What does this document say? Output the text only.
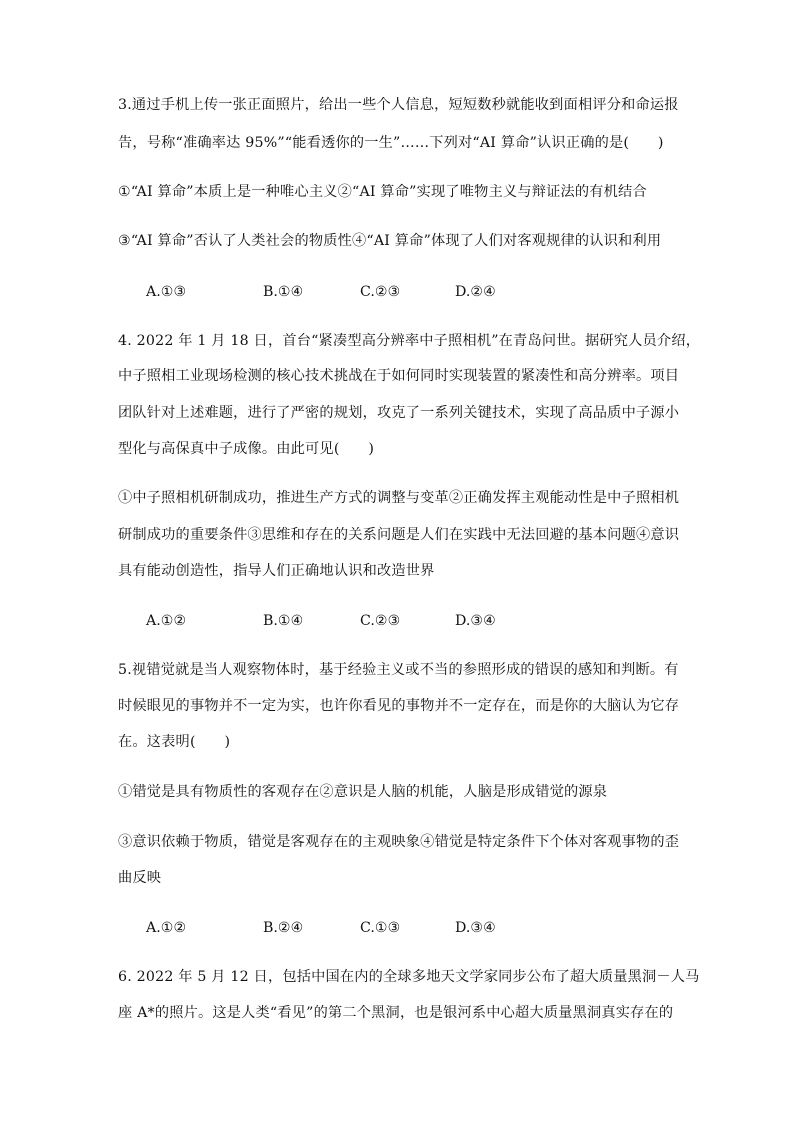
3.通过手机上传一张正面照片，给出一些个人信息，短短数秒就能收到面相评分和命运报
告，号称“准确率达 95%”“能看透你的一生”……下列对“AI 算命”认识正确的是(　　)
①“AI 算命”本质上是一种唯心主义②“AI 算命”实现了唯物主义与辩证法的有机结合
③“AI 算命”否认了人类社会的物质性④“AI 算命”体现了人们对客观规律的认识和利用
A.①③	B.①④	C.②③	D.②④
4. 2022 年 1 月 18 日，首台“紧凑型高分辨率中子照相机”在青岛问世。据研究人员介绍，
中子照相工业现场检测的核心技术挑战在于如何同时实现装置的紧凑性和高分辨率。项目
团队针对上述难题，进行了严密的规划，攻克了一系列关键技术，实现了高品质中子源小
型化与高保真中子成像。由此可见(　　)
①中子照相机研制成功，推进生产方式的调整与变革②正确发挥主观能动性是中子照相机
研制成功的重要条件③思维和存在的关系问题是人们在实践中无法回避的基本问题④意识
具有能动创造性，指导人们正确地认识和改造世界
A.①②	B.①④	C.②③	D.③④
5.视错觉就是当人观察物体时，基于经验主义或不当的参照形成的错误的感知和判断。有
时候眼见的事物并不一定为实，也许你看见的事物并不一定存在，而是你的大脑认为它存
在。这表明(　　)
①错觉是具有物质性的客观存在②意识是人脑的机能，人脑是形成错觉的源泉
③意识依赖于物质，错觉是客观存在的主观映象④错觉是特定条件下个体对客观事物的歪
曲反映
A.①②	B.②④	C.①③	D.③④
6. 2022 年 5 月 12 日，包括中国在内的全球多地天文学家同步公布了超大质量黑洞－人马
座 A*的照片。这是人类“看见”的第二个黑洞，也是银河系中心超大质量黑洞真实存在的
